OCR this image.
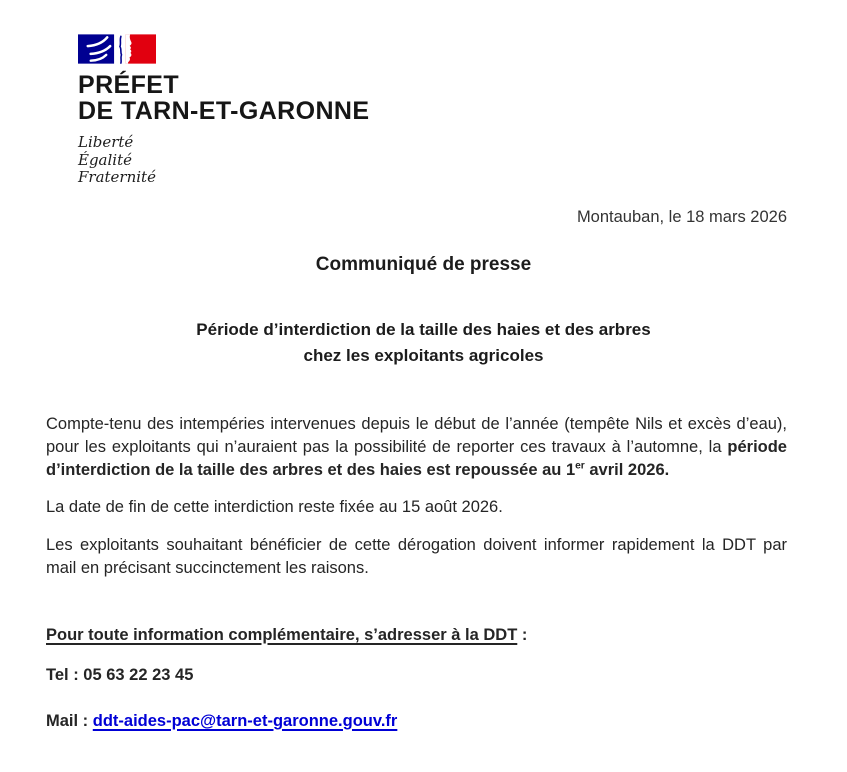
PRÉFET
DE TARN-ET-GARONNE
Liberté
Égalité
Fraternité
Montauban, le 18 mars 2026
Communiqué de presse
Période d’interdiction de la taille des haies et des arbres
chez les exploitants agricoles

Compte-tenu des intempéries intervenues depuis le début de l’année (tempête Nils et excès d’eau), pour les exploitants qui n’auraient pas la possibilité de reporter ces travaux à l’automne, la période d’interdiction de la taille des arbres et des haies est repoussée au 1er avril 2026.

La date de fin de cette interdiction reste fixée au 15 août 2026.

Les exploitants souhaitant bénéficier de cette dérogation doivent informer rapidement la DDT par mail en précisant succinctement les raisons.

Pour toute information complémentaire, s’adresser à la DDT :

Tel : 05 63 22 23 45

Mail : ddt-aides-pac@tarn-et-garonne.gouv.fr
